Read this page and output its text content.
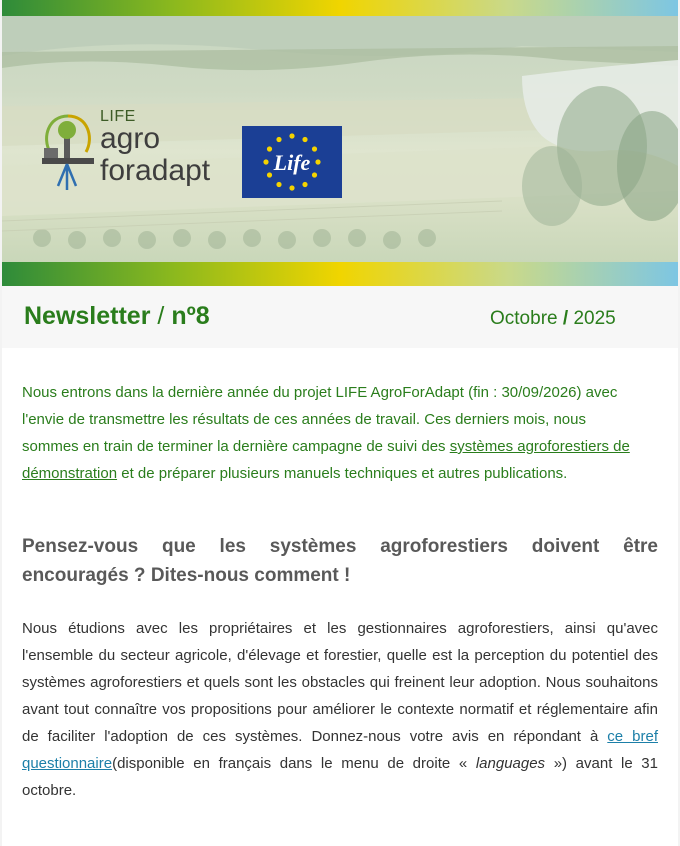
LIFE
agro
foradapt	Life
Newsletter / nº8	Octobre / 2025

Nous entrons dans la dernière année du projet LIFE AgroForAdapt (fin : 30/09/2026) avec l'envie de transmettre les résultats de ces années de travail. Ces derniers mois, nous sommes en train de terminer la dernière campagne de suivi des systèmes agroforestiers de démonstration et de préparer plusieurs manuels techniques et autres publications.

Pensez-vous que les systèmes agroforestiers doivent être encouragés ? Dites-nous comment !

Nous étudions avec les propriétaires et les gestionnaires agroforestiers, ainsi qu'avec l'ensemble du secteur agricole, d'élevage et forestier, quelle est la perception du potentiel des systèmes agroforestiers et quels sont les obstacles qui freinent leur adoption. Nous souhaitons avant tout connaître vos propositions pour améliorer le contexte normatif et réglementaire afin de faciliter l'adoption de ces systèmes. Donnez-nous votre avis en répondant à ce bref questionnaire(disponible en français dans le menu de droite « languages ») avant le 31 octobre.
